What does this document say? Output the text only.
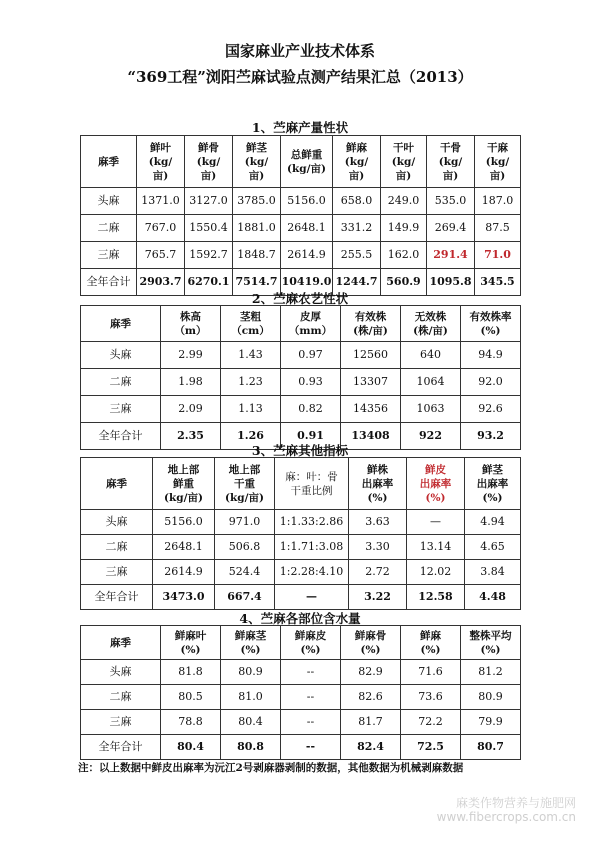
国家麻业产业技术体系
“369工程”浏阳苎麻试验点测产结果汇总（2013）
1、苎麻产量性状
麻季	鲜叶
(kg/
亩)	鲜骨
(kg/
亩)	鲜茎
(kg/
亩)	总鲜重
(kg/亩)	鲜麻
(kg/
亩)	干叶
(kg/
亩)	干骨
(kg/
亩)	干麻
(kg/
亩)
头麻	1371.0	3127.0	3785.0	5156.0	658.0	249.0	535.0	187.0
二麻	767.0	1550.4	1881.0	2648.1	331.2	149.9	269.4	87.5
三麻	765.7	1592.7	1848.7	2614.9	255.5	162.0	291.4	71.0
全年合计	2903.7	6270.1	7514.7	10419.0	1244.7	560.9	1095.8	345.5
2、苎麻农艺性状
麻季	株高
（m）	茎粗
（cm）	皮厚
（mm）	有效株
(株/亩)	无效株
(株/亩)	有效株率
(%)
头麻	2.99	1.43	0.97	12560	640	94.9
二麻	1.98	1.23	0.93	13307	1064	92.0
三麻	2.09	1.13	0.82	14356	1063	92.6
全年合计	2.35	1.26	0.91	13408	922	93.2
3、苎麻其他指标
麻季	地上部
鲜重
(kg/亩)	地上部
干重
(kg/亩)	麻：叶：骨
干重比例	鲜株
出麻率
(%)	鲜皮
出麻率
(%)	鲜茎
出麻率
(%)
头麻	5156.0	971.0	1:1.33:2.86	3.63	—	4.94
二麻	2648.1	506.8	1:1.71:3.08	3.30	13.14	4.65
三麻	2614.9	524.4	1:2.28:4.10	2.72	12.02	3.84
全年合计	3473.0	667.4	—	3.22	12.58	4.48
4、苎麻各部位含水量
麻季	鲜麻叶
(%)	鲜麻茎
(%)	鲜麻皮
(%)	鲜麻骨
(%)	鲜麻
(%)	整株平均
(%)
头麻	81.8	80.9	--	82.9	71.6	81.2
二麻	80.5	81.0	--	82.6	73.6	80.9
三麻	78.8	80.4	--	81.7	72.2	79.9
全年合计	80.4	80.8	--	82.4	72.5	80.7
注：以上数据中鲜皮出麻率为沅江2号剥麻器剥制的数据，其他数据为机械剥麻数据
麻类作物营养与施肥网
www.fibercrops.com.cn
